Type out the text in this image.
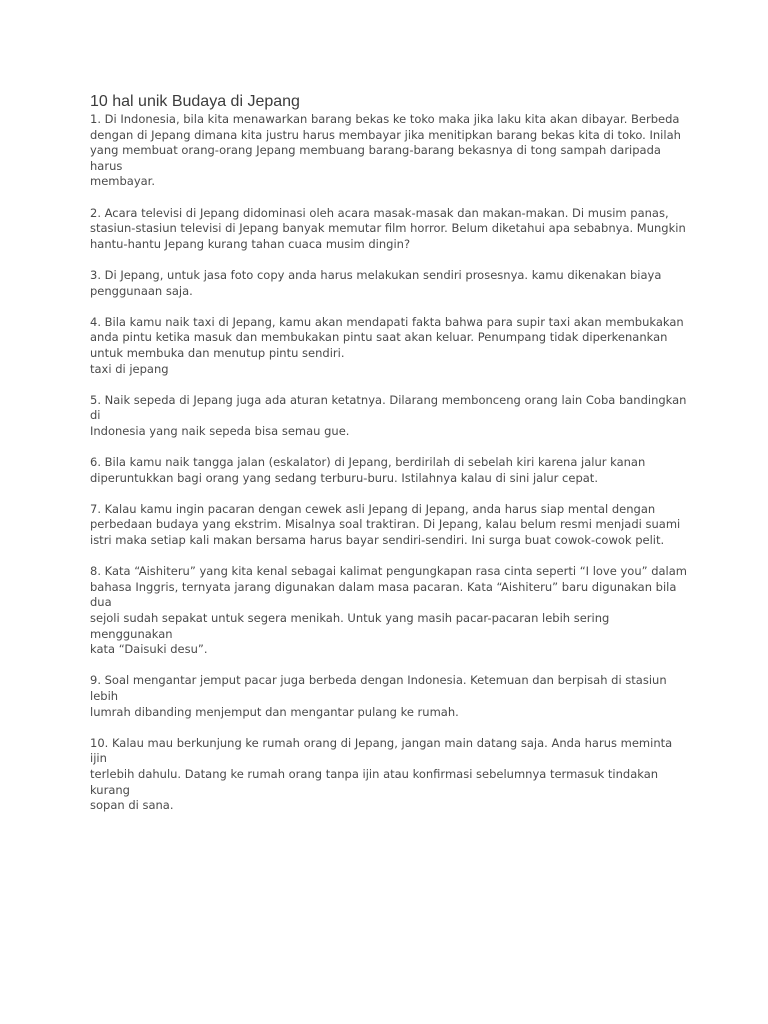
10 hal unik Budaya di Jepang

1. Di Indonesia, bila kita menawarkan barang bekas ke toko maka jika laku kita akan dibayar. Berbeda
dengan di Jepang dimana kita justru harus membayar jika menitipkan barang bekas kita di toko. Inilah
yang membuat orang-orang Jepang membuang barang-barang bekasnya di tong sampah daripada harus
membayar.

2. Acara televisi di Jepang didominasi oleh acara masak-masak dan makan-makan. Di musim panas,
stasiun-stasiun televisi di Jepang banyak memutar film horror. Belum diketahui apa sebabnya. Mungkin
hantu-hantu Jepang kurang tahan cuaca musim dingin?

3. Di Jepang, untuk jasa foto copy anda harus melakukan sendiri prosesnya. kamu dikenakan biaya
penggunaan saja.

4. Bila kamu naik taxi di Jepang, kamu akan mendapati fakta bahwa para supir taxi akan membukakan
anda pintu ketika masuk dan membukakan pintu saat akan keluar. Penumpang tidak diperkenankan
untuk membuka dan menutup pintu sendiri.
taxi di jepang

5. Naik sepeda di Jepang juga ada aturan ketatnya. Dilarang membonceng orang lain Coba bandingkan di
Indonesia yang naik sepeda bisa semau gue.

6. Bila kamu naik tangga jalan (eskalator) di Jepang, berdirilah di sebelah kiri karena jalur kanan
diperuntukkan bagi orang yang sedang terburu-buru. Istilahnya kalau di sini jalur cepat.

7. Kalau kamu ingin pacaran dengan cewek asli Jepang di Jepang, anda harus siap mental dengan
perbedaan budaya yang ekstrim. Misalnya soal traktiran. Di Jepang, kalau belum resmi menjadi suami
istri maka setiap kali makan bersama harus bayar sendiri-sendiri. Ini surga buat cowok-cowok pelit.

8. Kata “Aishiteru” yang kita kenal sebagai kalimat pengungkapan rasa cinta seperti “I love you” dalam
bahasa Inggris, ternyata jarang digunakan dalam masa pacaran. Kata “Aishiteru” baru digunakan bila dua
sejoli sudah sepakat untuk segera menikah. Untuk yang masih pacar-pacaran lebih sering menggunakan
kata “Daisuki desu”.

9. Soal mengantar jemput pacar juga berbeda dengan Indonesia. Ketemuan dan berpisah di stasiun lebih
lumrah dibanding menjemput dan mengantar pulang ke rumah.

10. Kalau mau berkunjung ke rumah orang di Jepang, jangan main datang saja. Anda harus meminta ijin
terlebih dahulu. Datang ke rumah orang tanpa ijin atau konfirmasi sebelumnya termasuk tindakan kurang
sopan di sana.
